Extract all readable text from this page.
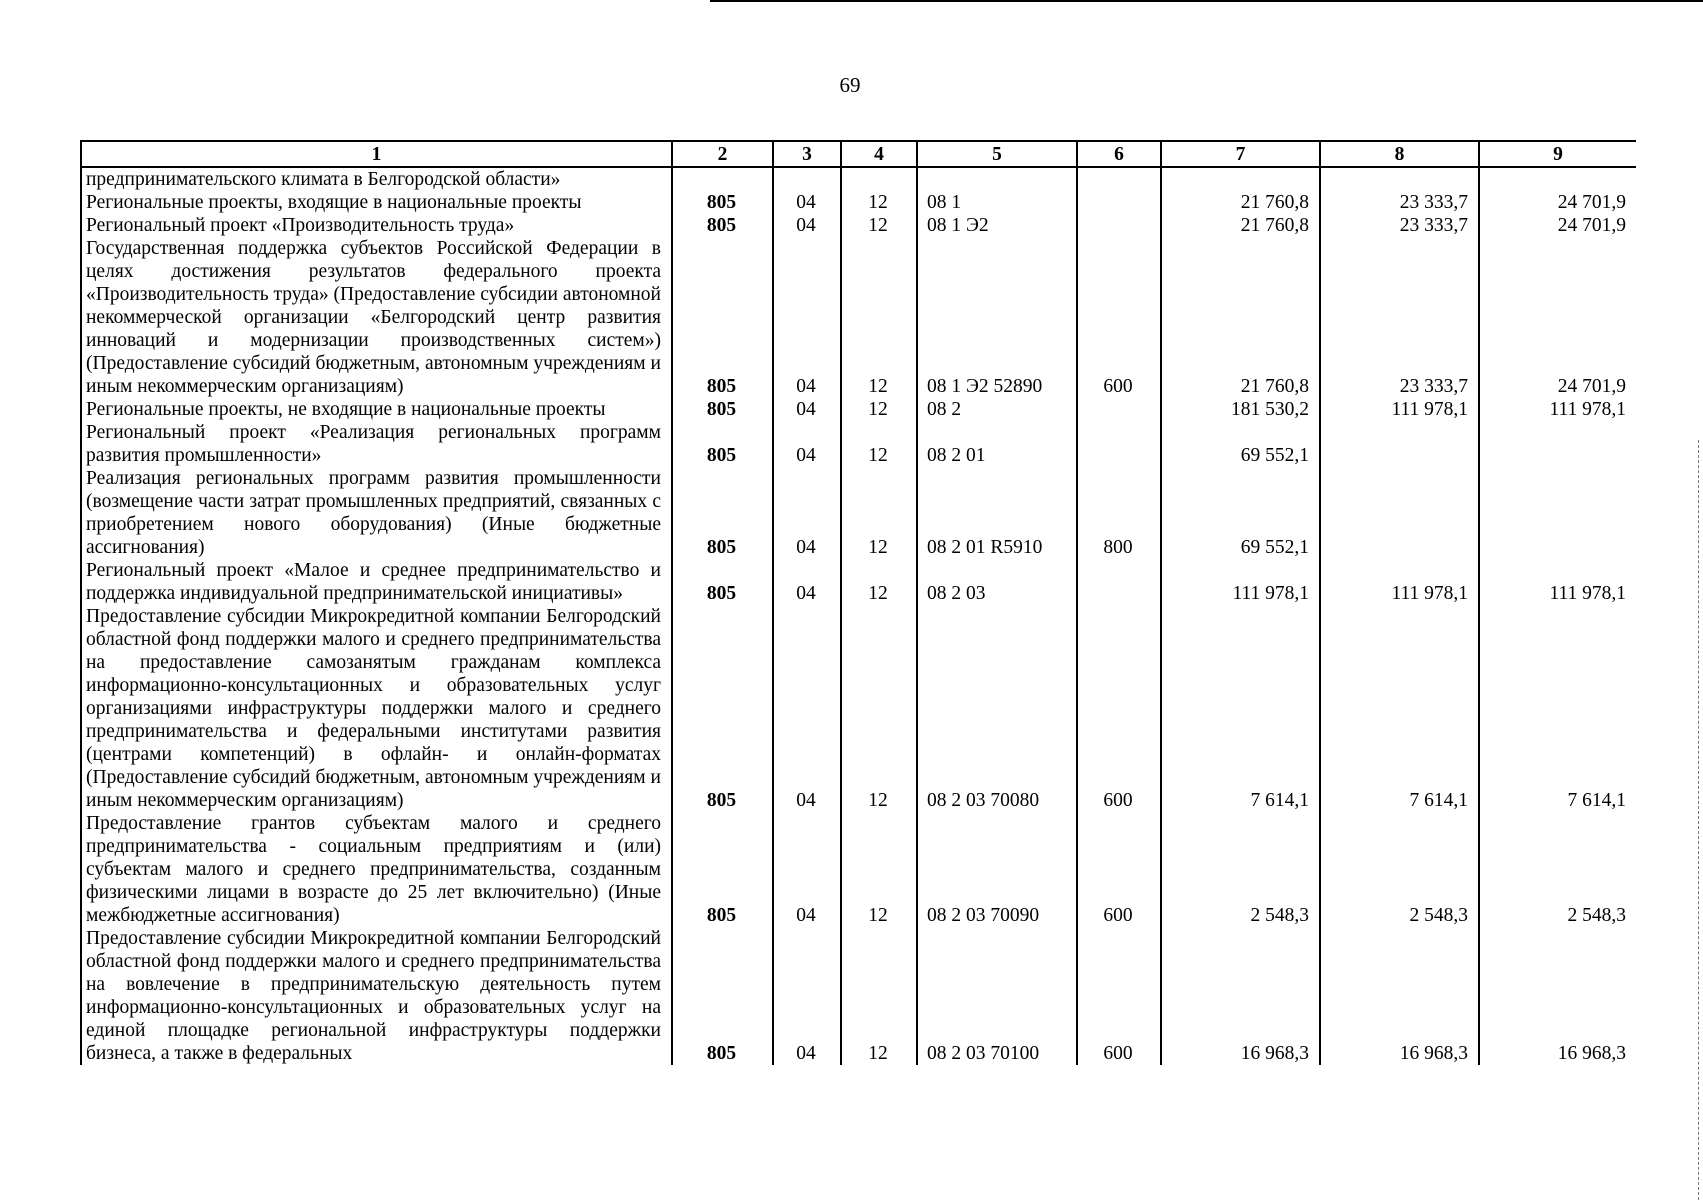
69
1	2	3	4	5	6	7	8	9
предпринимательского климата в Белгородской области»								
Региональные проекты, входящие в национальные проекты	805	04	12	08 1		21 760,8	23 333,7	24 701,9
Региональный проект «Производительность труда»	805	04	12	08 1 Э2		21 760,8	23 333,7	24 701,9
Государственная поддержка субъектов Российской Федерации в целях достижения результатов федерального проекта «Производительность труда» (Предоставление субсидии автономной некоммерческой организации «Белгородский центр развития инноваций и модернизации производственных систем») (Предоставление субсидий бюджетным, автономным учреждениям и иным некоммерческим организациям)	805	04	12	08 1 Э2 52890	600	21 760,8	23 333,7	24 701,9
Региональные проекты, не входящие в национальные проекты	805	04	12	08 2		181 530,2	111 978,1	111 978,1
Региональный проект «Реализация региональных программ развития промышленности»	805	04	12	08 2 01		69 552,1		
Реализация региональных программ развития промышленности (возмещение части затрат промышленных предприятий, связанных с приобретением нового оборудования) (Иные бюджетные ассигнования)	805	04	12	08 2 01 R5910	800	69 552,1		
Региональный проект «Малое и среднее предпринимательство и поддержка индивидуальной предпринимательской инициативы»	805	04	12	08 2 03		111 978,1	111 978,1	111 978,1
Предоставление субсидии Микрокредитной компании Белгородский областной фонд поддержки малого и среднего предпринимательства на предоставление самозанятым гражданам комплекса информационно-консультационных и образовательных услуг организациями инфраструктуры поддержки малого и среднего предпринимательства и федеральными институтами развития (центрами компетенций) в офлайн- и онлайн-форматах (Предоставление субсидий бюджетным, автономным учреждениям и иным некоммерческим организациям)	805	04	12	08 2 03 70080	600	7 614,1	7 614,1	7 614,1
Предоставление грантов субъектам малого и среднего предпринимательства - социальным предприятиям и (или) субъектам малого и среднего предпринимательства, созданным физическими лицами в возрасте до 25 лет включительно) (Иные межбюджетные ассигнования)	805	04	12	08 2 03 70090	600	2 548,3	2 548,3	2 548,3
Предоставление субсидии Микрокредитной компании Белгородский областной фонд поддержки малого и среднего предпринимательства на вовлечение в предпринимательскую деятельность путем информационно-консультационных и образовательных услуг на единой площадке региональной инфраструктуры поддержки бизнеса, а также в федеральных	805	04	12	08 2 03 70100	600	16 968,3	16 968,3	16 968,3
